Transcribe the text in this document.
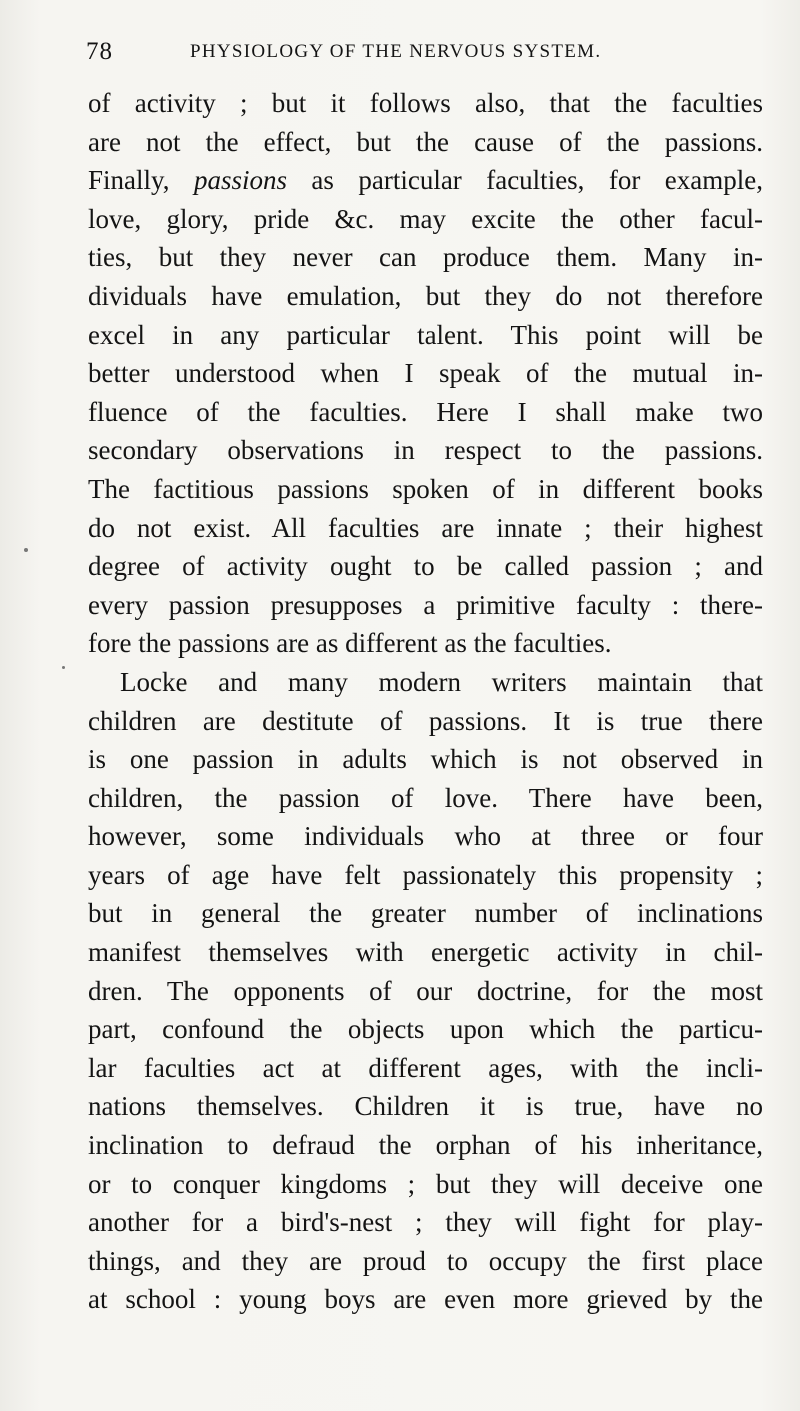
78	PHYSIOLOGY OF THE NERVOUS SYSTEM.
of activity ; but it follows also, that the faculties
are not the effect, but the cause of the passions.
Finally, passions as particular faculties, for example,
love, glory, pride &c. may excite the other facul-
ties, but they never can produce them. Many in-
dividuals have emulation, but they do not therefore
excel in any particular talent. This point will be
better understood when I speak of the mutual in-
fluence of the faculties. Here I shall make two
secondary observations in respect to the passions.
The factitious passions spoken of in different books
do not exist. All faculties are innate ; their highest
degree of activity ought to be called passion ; and
every passion presupposes a primitive faculty : there-
fore the passions are as different as the faculties.
Locke and many modern writers maintain that
children are destitute of passions. It is true there
is one passion in adults which is not observed in
children, the passion of love. There have been,
however, some individuals who at three or four
years of age have felt passionately this propensity ;
but in general the greater number of inclinations
manifest themselves with energetic activity in chil-
dren. The opponents of our doctrine, for the most
part, confound the objects upon which the particu-
lar faculties act at different ages, with the incli-
nations themselves. Children it is true, have no
inclination to defraud the orphan of his inheritance,
or to conquer kingdoms ; but they will deceive one
another for a bird's-nest ; they will fight for play-
things, and they are proud to occupy the first place
at school : young boys are even more grieved by the
